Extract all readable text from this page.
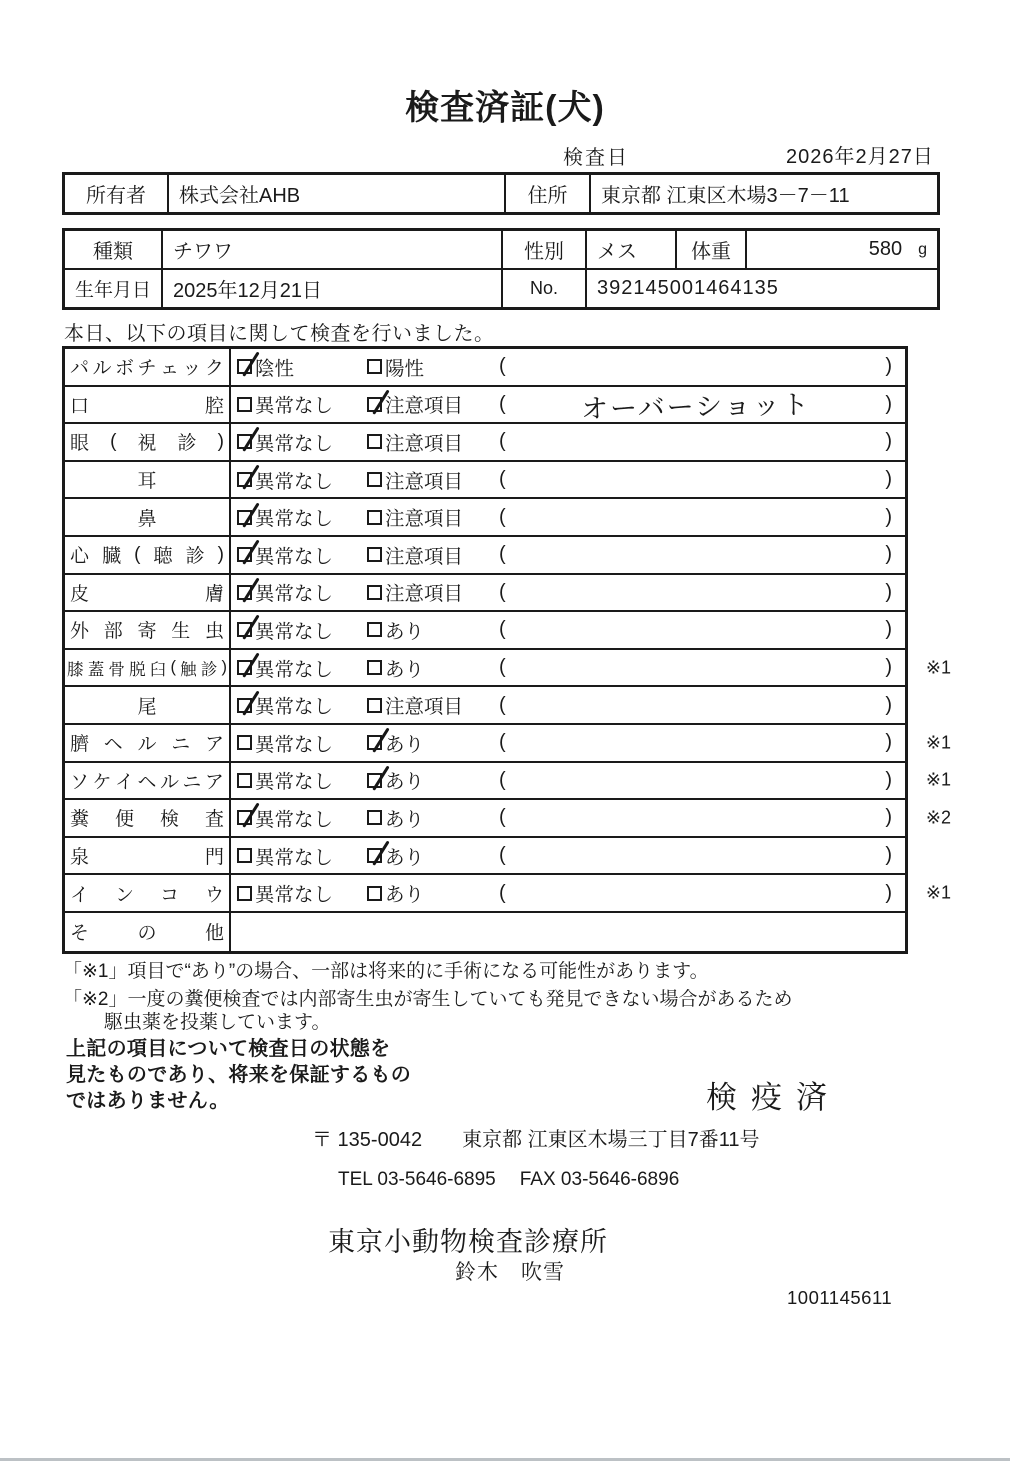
検査済証(犬)
検査日	2026年2月27日
所有者	株式会社AHB	住所	東京都 江東区木場3－7－11
種類	チワワ	性別	メス	体重	580 g
生年月日	2025年12月21日	No.	392145001464135
本日、以下の項目に関して検査を行いました。
パ ル ボ チ ェ ッ ク 陰性	陽性	(	)
口	腔 異常なし	注意項目 (	オーバーショット	)
眼 ( 視 診 ) 異常なし	注意項目 (	)
耳	異常なし	注意項目 (	)
鼻	異常なし	注意項目 (	)
心 臓 ( 聴 診 ) 異常なし	注意項目 (	)
皮	膚 異常なし	注意項目 (	)
外 部 寄 生 虫 異常なし	あり	(	)
膝 蓋 骨 脱 臼 ( 触 診 ) 異常なし	あり	(	) ※1
尾	異常なし	注意項目 (	)
臍 ヘ ル ニ ア 異常なし	あり	(	) ※1
ソ ケ イ ヘ ル ニ ア 異常なし	あり	(	) ※1
糞 便 検 査 異常なし	あり	(	) ※2
泉	門 異常なし	あり	(	)
イ ン コ ウ 異常なし	あり	(	) ※1
そ	の	他
「※1」項目で“あり”の場合、一部は将来的に手術になる可能性があります。
「※2」一度の糞便検査では内部寄生虫が寄生していても発見できない場合があるため
駆虫薬を投薬しています。
上記の項目について検査日の状態を
見たものであり、将来を保証するもの
ではありません。	検疫済
〒 135-0042 東京都 江東区木場三丁目7番11号
TEL 03-5646-6895 FAX 03-5646-6896
東京小動物検査診療所
鈴木　吹雪
1001145611
